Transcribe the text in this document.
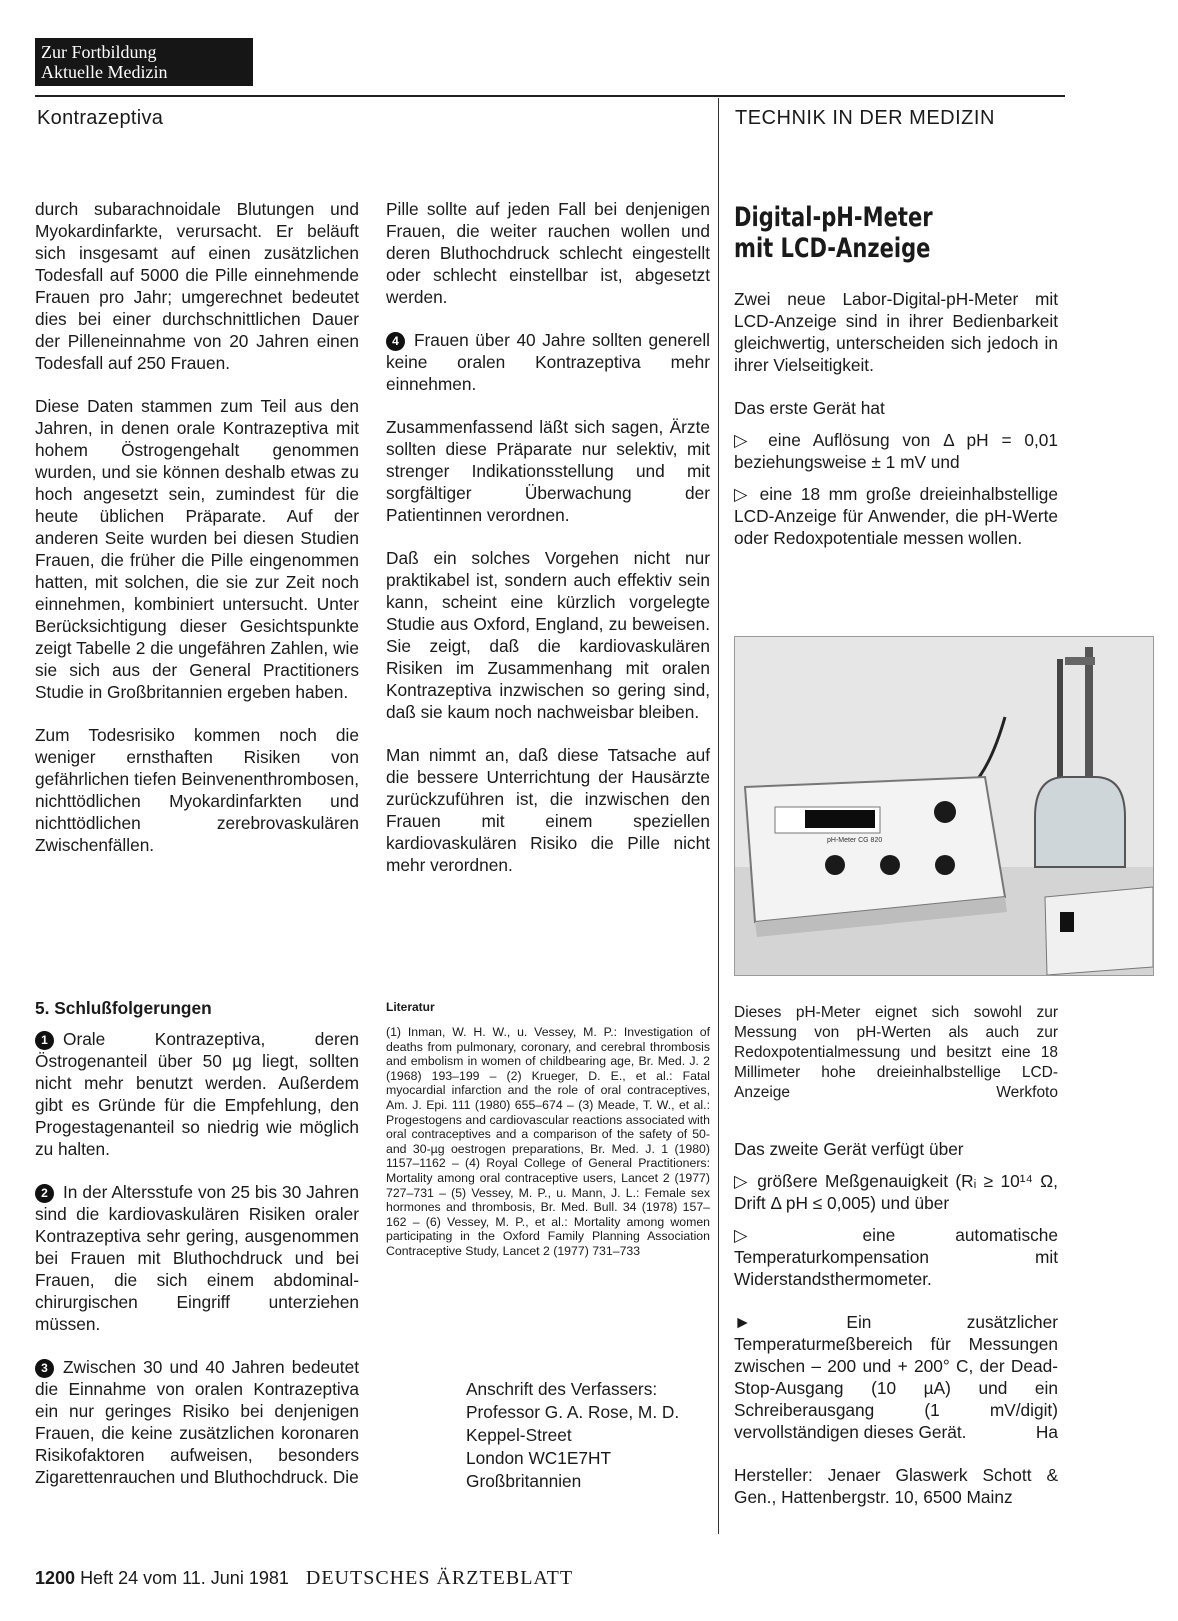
Zur Fortbildung
Aktuelle Medizin
Kontrazeptiva	TECHNIK IN DER MEDIZIN

durch subarachnoidale Blutungen und Myokardinfarkte, verursacht. Er beläuft sich insgesamt auf einen zusätzlichen Todesfall auf 5000 die Pille einnehmende Frauen pro Jahr; umgerechnet bedeutet dies bei einer durchschnittlichen Dauer der Pilleneinnahme von 20 Jahren einen Todesfall auf 250 Frauen.

Diese Daten stammen zum Teil aus den Jahren, in denen orale Kontrazeptiva mit hohem Östrogengehalt genommen wurden, und sie können deshalb etwas zu hoch angesetzt sein, zumindest für die heute üblichen Präparate. Auf der anderen Seite wurden bei diesen Studien Frauen, die früher die Pille eingenommen hatten, mit solchen, die sie zur Zeit noch einnehmen, kombiniert untersucht. Unter Berücksichtigung dieser Gesichtspunkte zeigt Tabelle 2 die ungefähren Zahlen, wie sie sich aus der General Practitioners Studie in Großbritannien ergeben haben.

Zum Todesrisiko kommen noch die weniger ernsthaften Risiken von gefährlichen tiefen Beinvenenthrombosen, nichttödlichen Myokardinfarkten und nichttödlichen zerebrovaskulären Zwischenfällen.

5. Schlußfolgerungen

1 Orale Kontrazeptiva, deren Östrogenanteil über 50 µg liegt, sollten nicht mehr benutzt werden. Außerdem gibt es Gründe für die Empfehlung, den Progestagenanteil so niedrig wie möglich zu halten.

2 In der Altersstufe von 25 bis 30 Jahren sind die kardiovaskulären Risiken oraler Kontrazeptiva sehr gering, ausgenommen bei Frauen mit Bluthochdruck und bei Frauen, die sich einem abdominal-chirurgischen Eingriff unterziehen müssen.

3 Zwischen 30 und 40 Jahren bedeutet die Einnahme von oralen Kontrazeptiva ein nur geringes Risiko bei denjenigen Frauen, die keine zusätzlichen koronaren Risikofaktoren aufweisen, besonders Zigarettenrauchen und Bluthochdruck. Die

Pille sollte auf jeden Fall bei denjenigen Frauen, die weiter rauchen wollen und deren Bluthochdruck schlecht eingestellt oder schlecht einstellbar ist, abgesetzt werden.

4 Frauen über 40 Jahre sollten generell keine oralen Kontrazeptiva mehr einnehmen.

Zusammenfassend läßt sich sagen, Ärzte sollten diese Präparate nur selektiv, mit strenger Indikationsstellung und mit sorgfältiger Überwachung der Patientinnen verordnen.

Daß ein solches Vorgehen nicht nur praktikabel ist, sondern auch effektiv sein kann, scheint eine kürzlich vorgelegte Studie aus Oxford, England, zu beweisen. Sie zeigt, daß die kardiovaskulären Risiken im Zusammenhang mit oralen Kontrazeptiva inzwischen so gering sind, daß sie kaum noch nachweisbar bleiben.

Man nimmt an, daß diese Tatsache auf die bessere Unterrichtung der Hausärzte zurückzuführen ist, die inzwischen den Frauen mit einem speziellen kardiovaskulären Risiko die Pille nicht mehr verordnen.

Literatur
(1) Inman, W. H. W., u. Vessey, M. P.: Investigation of deaths from pulmonary, coronary, and cerebral thrombosis and embolism in women of childbearing age, Br. Med. J. 2 (1968) 193–199 – (2) Krueger, D. E., et al.: Fatal myocardial infarction and the role of oral contraceptives, Am. J. Epi. 111 (1980) 655–674 – (3) Meade, T. W., et al.: Progestogens and cardiovascular reactions associated with oral contraceptives and a comparison of the safety of 50- and 30-µg oestrogen preparations, Br. Med. J. 1 (1980) 1157–1162 – (4) Royal College of General Practitioners: Mortality among oral contraceptive users, Lancet 2 (1977) 727–731 – (5) Vessey, M. P., u. Mann, J. L.: Female sex hormones and thrombosis, Br. Med. Bull. 34 (1978) 157–162 – (6) Vessey, M. P., et al.: Mortality among women participating in the Oxford Family Planning Association Contraceptive Study, Lancet 2 (1977) 731–733
Anschrift des Verfassers:
Professor G. A. Rose, M. D.
Keppel-Street
London WC1E7HT
Großbritannien
Digital-pH-Meter
mit LCD-Anzeige

Zwei neue Labor-Digital-pH-Meter mit LCD-Anzeige sind in ihrer Bedienbarkeit gleichwertig, unterscheiden sich jedoch in ihrer Vielseitigkeit.

Das erste Gerät hat

▷ eine Auflösung von Δ pH = 0,01 beziehungsweise ± 1 mV und

▷ eine 18 mm große dreieinhalbstellige LCD-Anzeige für Anwender, die pH-Werte oder Redoxpotentiale messen wollen.

pH-Meter CG 820
Dieses pH-Meter eignet sich sowohl zur Messung von pH-Werten als auch zur Redoxpotentialmessung und besitzt eine 18 Millimeter hohe dreieinhalbstellige LCD-Anzeige	Werkfoto

Das zweite Gerät verfügt über

▷ größere Meßgenauigkeit (Rᵢ ≥ 10¹⁴ Ω, Drift Δ pH ≤ 0,005) und über

▷ eine automatische Temperaturkompensation mit Widerstandsthermometer.

► Ein zusätzlicher Temperaturmeßbereich für Messungen zwischen – 200 und + 200° C, der Dead-Stop-Ausgang (10 µA) und ein Schreiberausgang (1 mV/digit) vervollständigen dieses Gerät.	Ha

Hersteller: Jenaer Glaswerk Schott & Gen., Hattenbergstr. 10, 6500 Mainz

1200 Heft 24 vom 11. Juni 1981 DEUTSCHES ÄRZTEBLATT
